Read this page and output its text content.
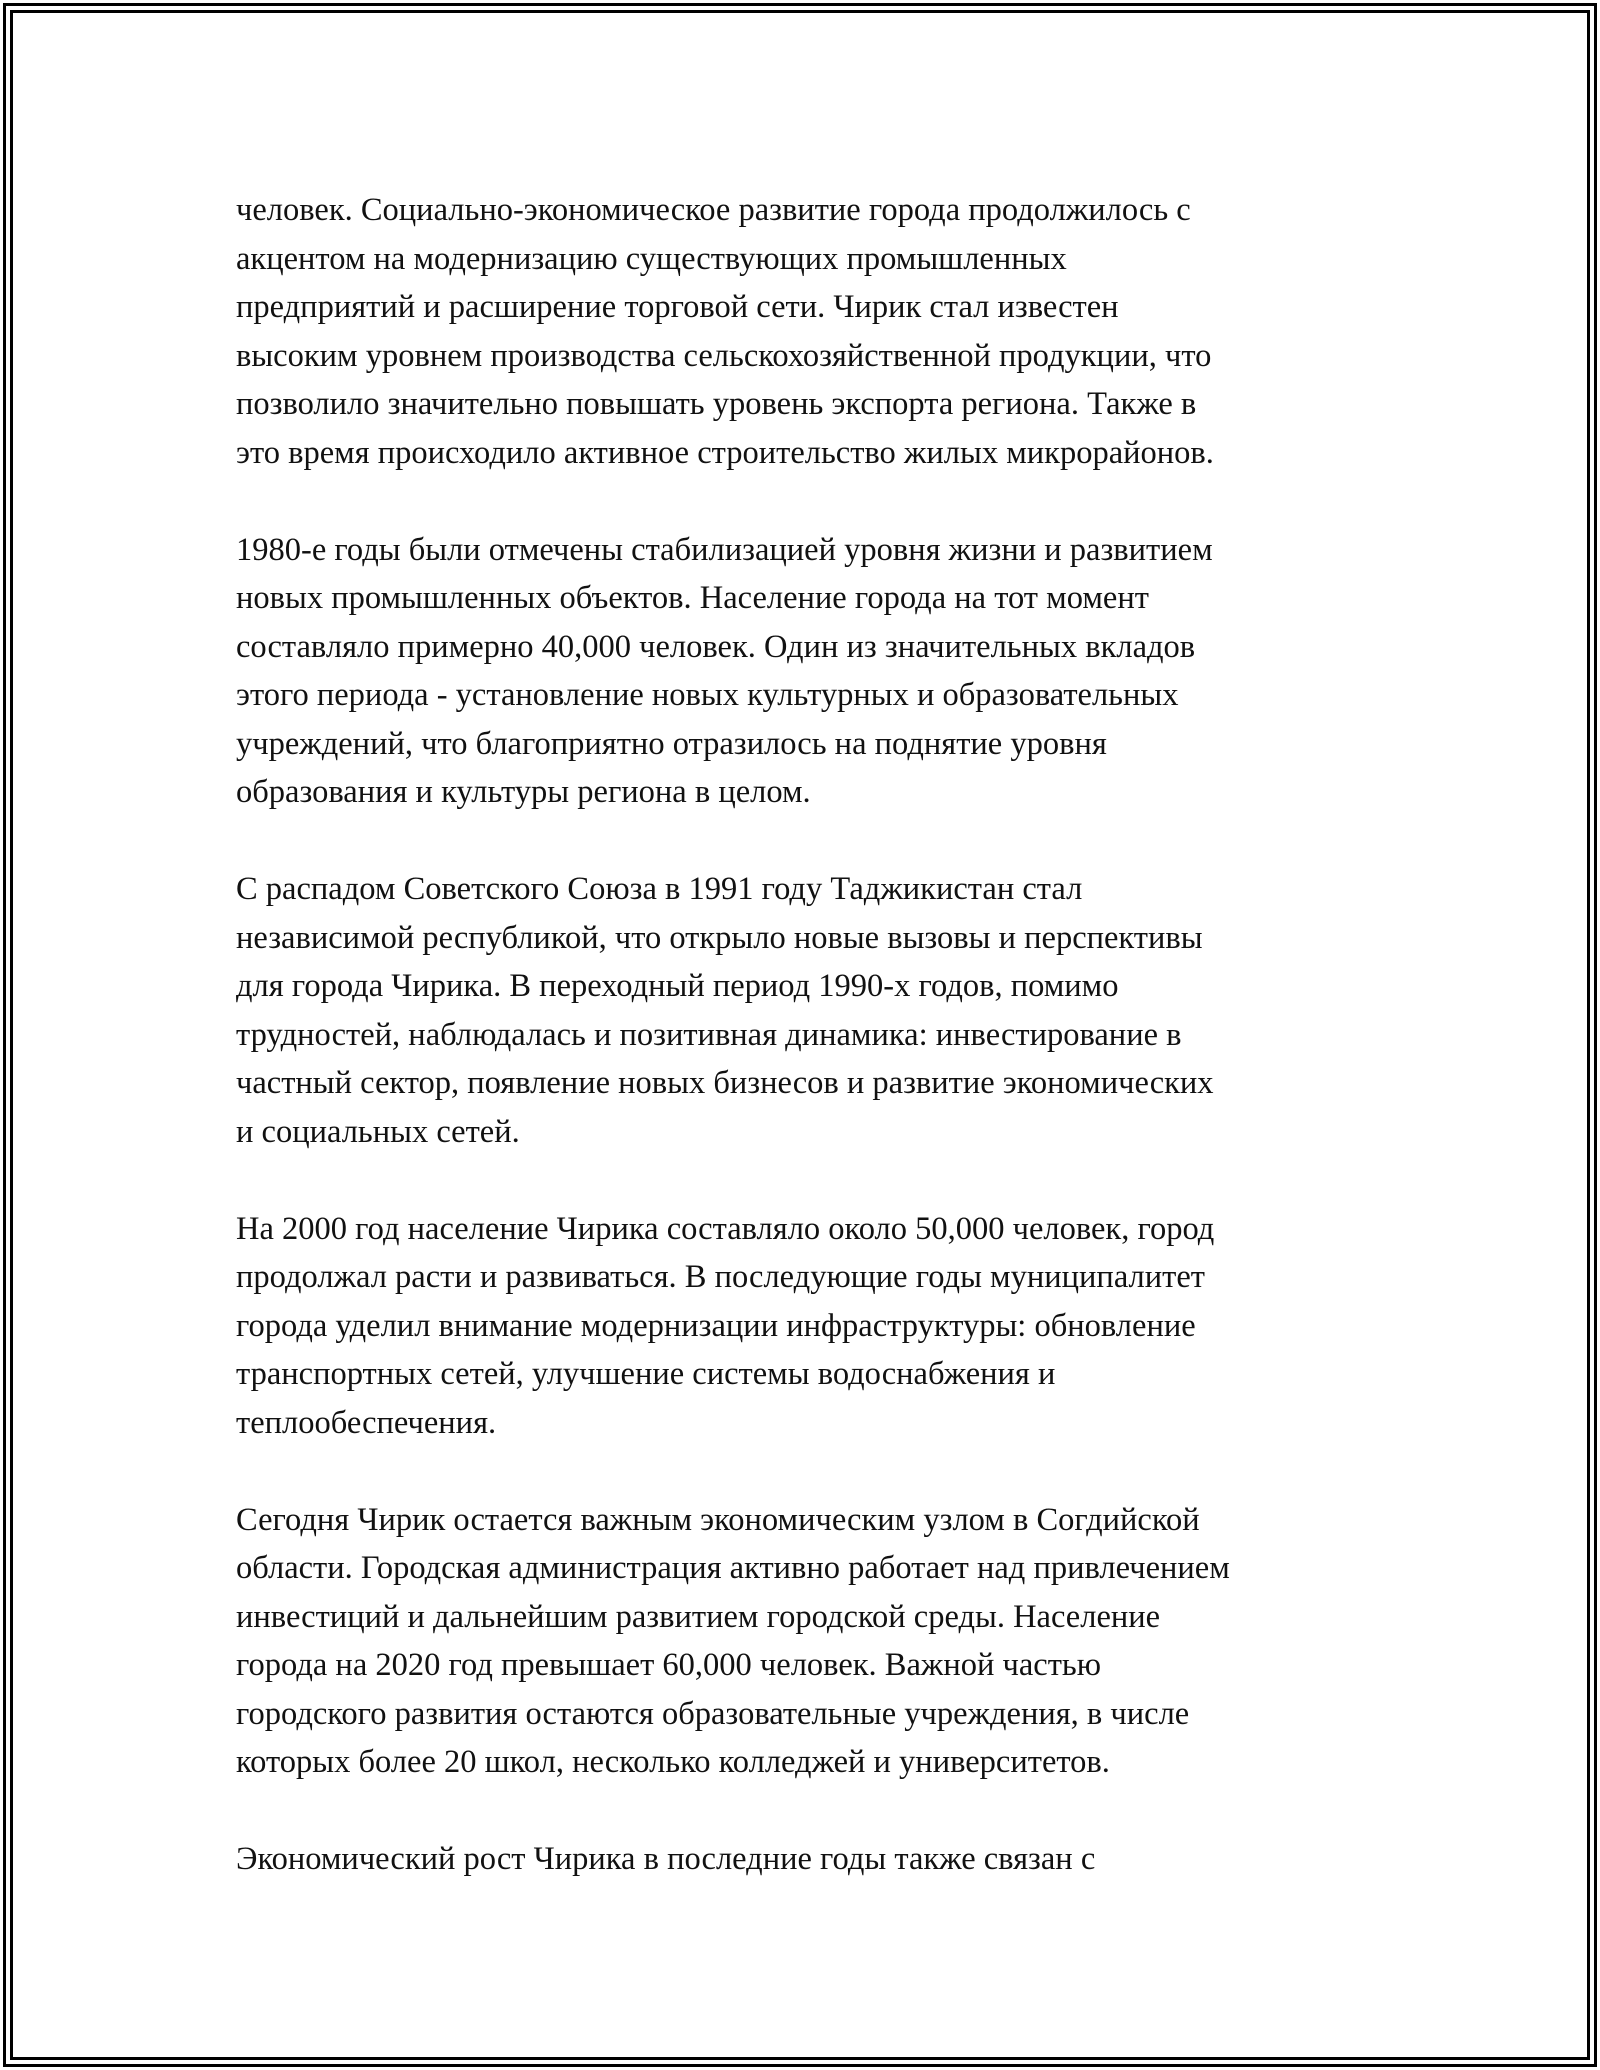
человек. Социально-экономическое развитие города продолжилось с
акцентом на модернизацию существующих промышленных
предприятий и расширение торговой сети. Чирик стал известен
высоким уровнем производства сельскохозяйственной продукции, что
позволило значительно повышать уровень экспорта региона. Также в
это время происходило активное строительство жилых микрорайонов.

1980-е годы были отмечены стабилизацией уровня жизни и развитием
новых промышленных объектов. Население города на тот момент
составляло примерно 40,000 человек. Один из значительных вкладов
этого периода - установление новых культурных и образовательных
учреждений, что благоприятно отразилось на поднятие уровня
образования и культуры региона в целом.

С распадом Советского Союза в 1991 году Таджикистан стал
независимой республикой, что открыло новые вызовы и перспективы
для города Чирика. В переходный период 1990-х годов, помимо
трудностей, наблюдалась и позитивная динамика: инвестирование в
частный сектор, появление новых бизнесов и развитие экономических
и социальных сетей.

На 2000 год население Чирика составляло около 50,000 человек, город
продолжал расти и развиваться. В последующие годы муниципалитет
города уделил внимание модернизации инфраструктуры: обновление
транспортных сетей, улучшение системы водоснабжения и
теплообеспечения.

Сегодня Чирик остается важным экономическим узлом в Согдийской
области. Городская администрация активно работает над привлечением
инвестиций и дальнейшим развитием городской среды. Население
города на 2020 год превышает 60,000 человек. Важной частью
городского развития остаются образовательные учреждения, в числе
которых более 20 школ, несколько колледжей и университетов.

Экономический рост Чирика в последние годы также связан с
